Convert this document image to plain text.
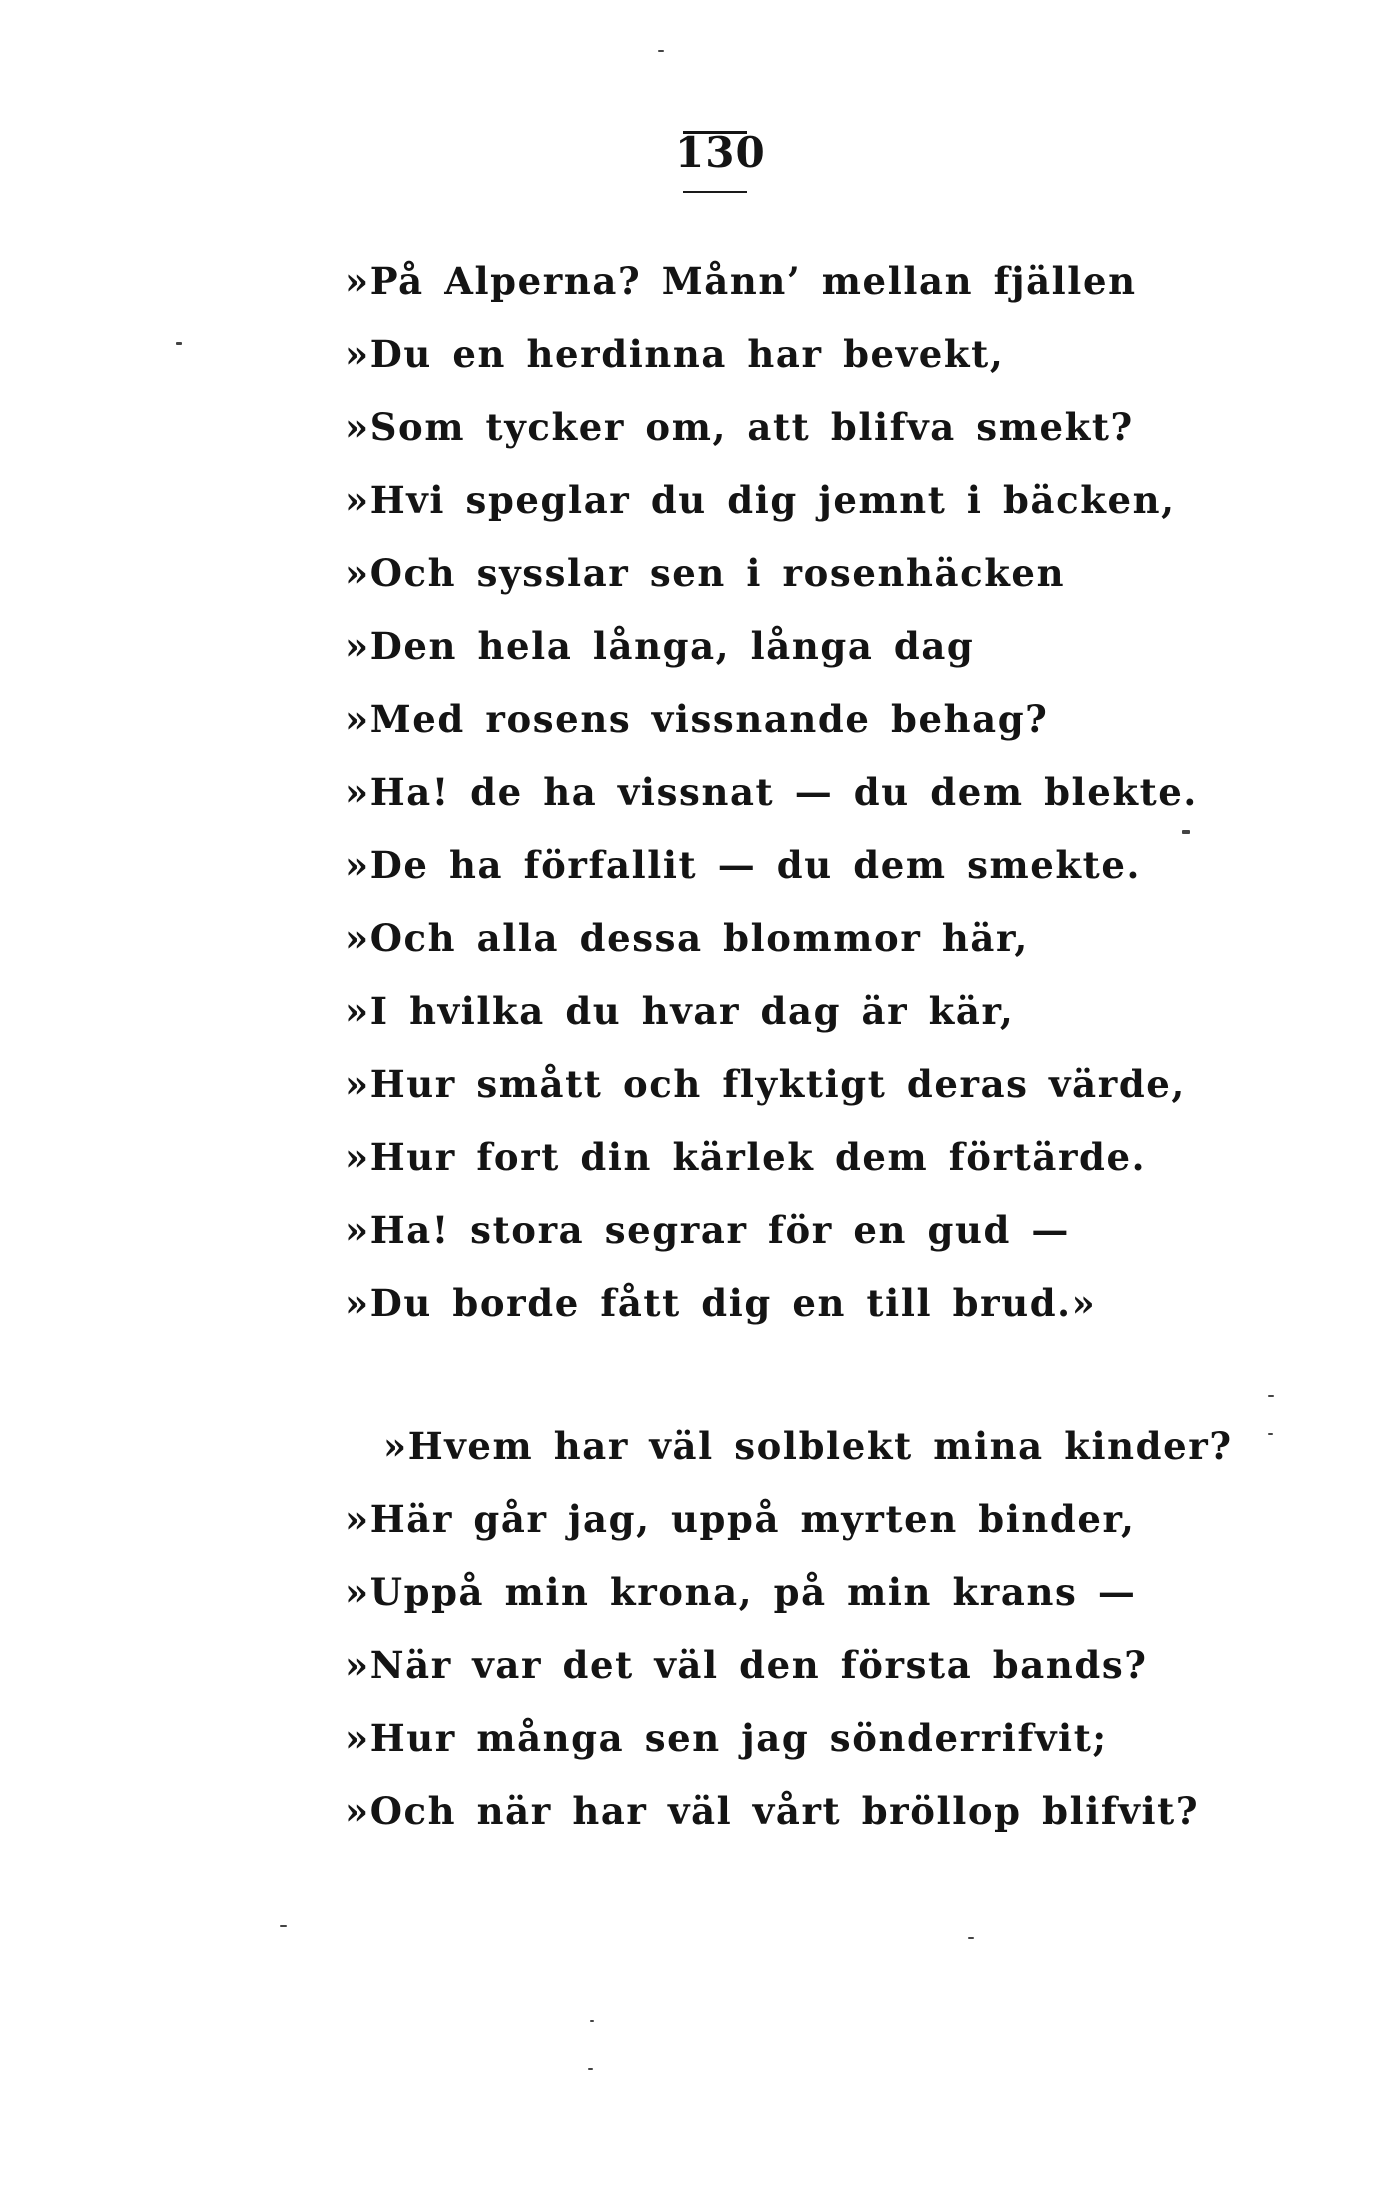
130
»På Alperna? Månn’ mellan fjällen
»Du en herdinna har bevekt,
»Som tycker om, att blifva smekt?
»Hvi speglar du dig jemnt i bäcken,
»Och sysslar sen i rosenhäcken
»Den hela långa, långa dag
»Med rosens vissnande behag?
»Ha! de ha vissnat — du dem blekte.
»De ha förfallit — du dem smekte.
»Och alla dessa blommor här,
»I hvilka du hvar dag är kär,
»Hur smått och flyktigt deras värde,
»Hur fort din kärlek dem förtärde.
»Ha! stora segrar för en gud —
»Du borde fått dig en till brud.»
»Hvem har väl solblekt mina kinder?
»Här går jag, uppå myrten binder,
»Uppå min krona, på min krans —
»När var det väl den första bands?
»Hur många sen jag sönderrifvit;
»Och när har väl vårt bröllop blifvit?
